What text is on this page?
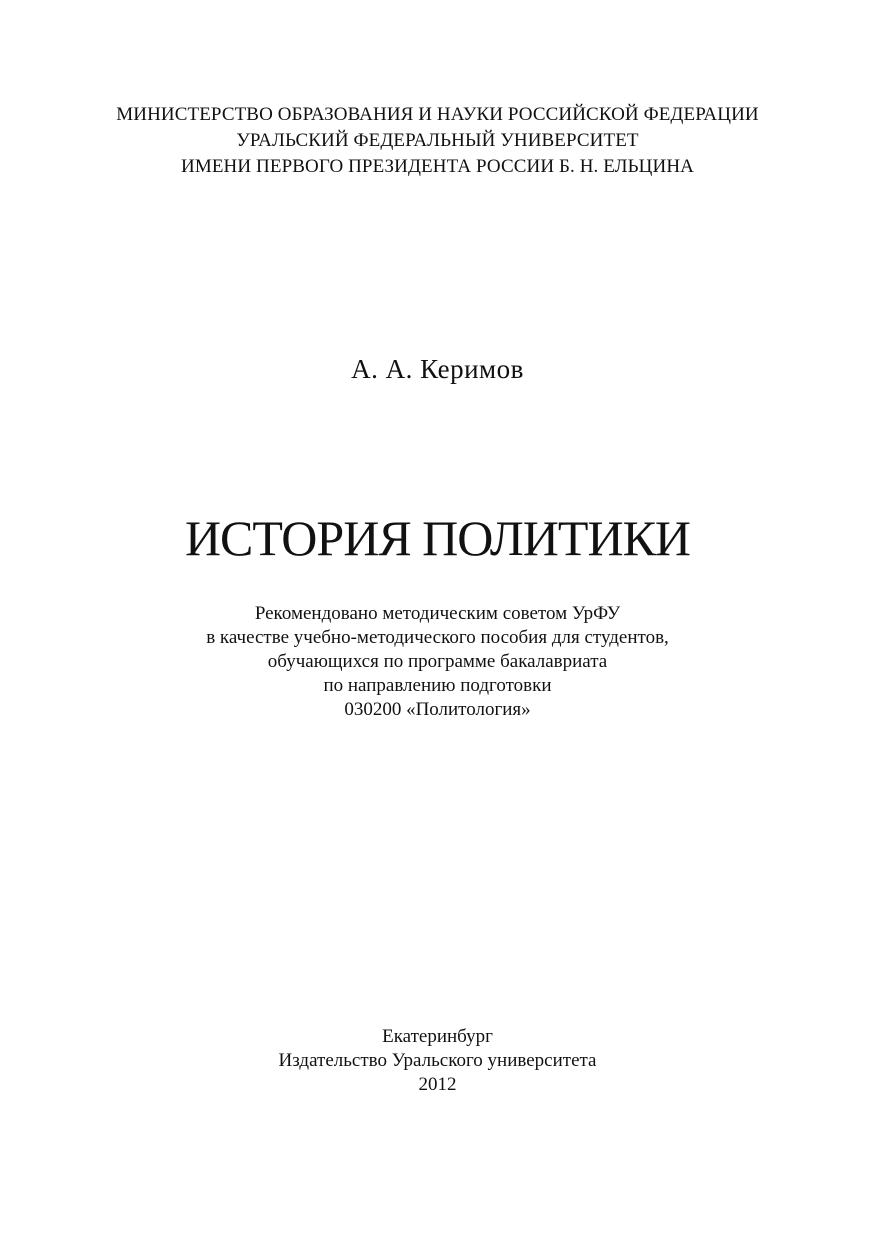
МИНИСТЕРСТВО ОБРАЗОВАНИЯ И НАУКИ РОССИЙСКОЙ ФЕДЕРАЦИИ
УРАЛЬСКИЙ ФЕДЕРАЛЬНЫЙ УНИВЕРСИТЕТ
ИМЕНИ ПЕРВОГО ПРЕЗИДЕНТА РОССИИ Б. Н. ЕЛЬЦИНА
А. А. Керимов
ИСТОРИЯ ПОЛИТИКИ
Рекомендовано методическим советом УрФУ
в качестве учебно-методического пособия для студентов,
обучающихся по программе бакалавриата
по направлению подготовки
030200 «Политология»
Екатеринбург
Издательство Уральского университета
2012
